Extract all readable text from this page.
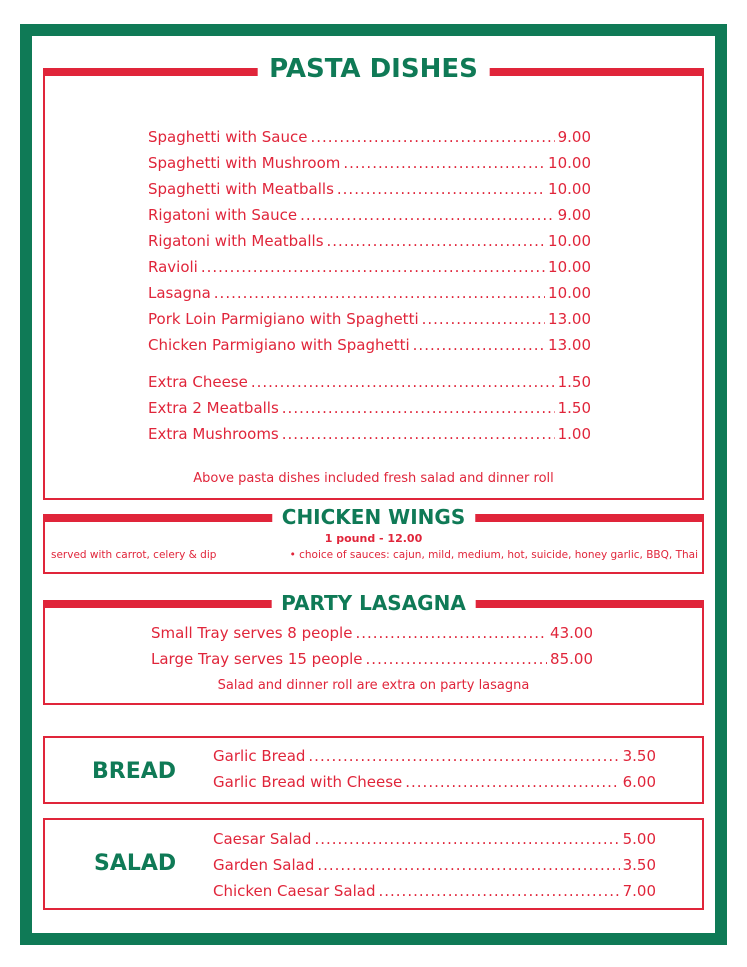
PASTA DISHES
Spaghetti with Sauce .....	9.00
Spaghetti with Mushroom .....	10.00
Spaghetti with Meatballs .....	10.00
Rigatoni with Sauce .....	9.00
Rigatoni with Meatballs .....	10.00
Ravioli .....	10.00
Lasagna .....	10.00
Pork Loin Parmigiano with Spaghetti .....	13.00
Chicken Parmigiano with Spaghetti .....	13.00
Extra Cheese .....	1.50
Extra 2 Meatballs .....	1.50
Extra Mushrooms .....	1.00
Above pasta dishes included fresh salad and dinner roll
CHICKEN WINGS
1 pound - 12.00
served with carrot, celery & dip	• choice of sauces: cajun, mild, medium, hot, suicide, honey garlic, BBQ, Thai
PARTY LASAGNA
Small Tray serves 8 people .....	43.00
Large Tray serves 15 people .....	85.00
Salad and dinner roll are extra on party lasagna
BREAD
Garlic Bread .....	3.50
Garlic Bread with Cheese .....	6.00
SALAD
Caesar Salad .....	5.00
Garden Salad .....	3.50
Chicken Caesar Salad .....	7.00
